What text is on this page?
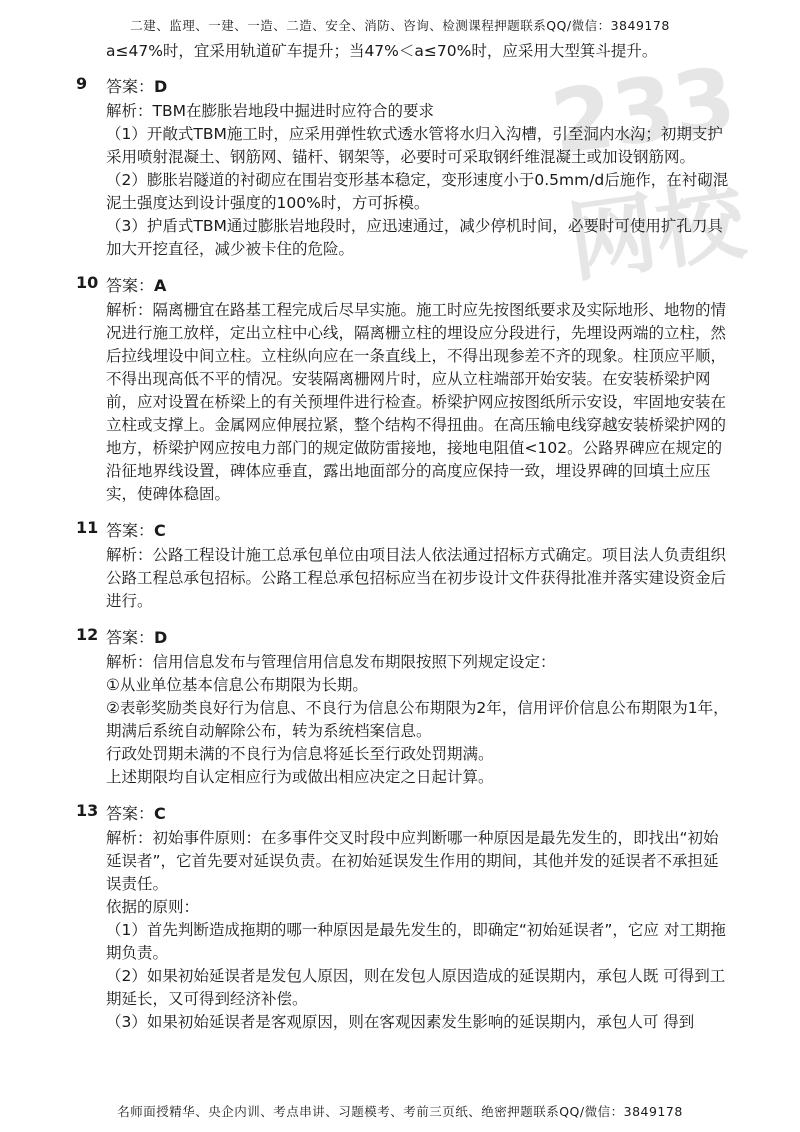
233网校
二建、监理、一建、一造、二造、安全、消防、咨询、检测课程押题联系QQ/微信：3849178
a≤47%时，宜采用轨道矿车提升；当47%＜a≤70%时，应采用大型箕斗提升。
9 答案：D

解析：TBM在膨胀岩地段中掘进时应符合的要求

（1）开敞式TBM施工时，应采用弹性软式透水管将水归入沟槽，引至洞内水沟；初期支护采用喷射混凝土、钢筋网、锚杆、钢架等，必要时可采取钢纤维混凝土或加设钢筋网。

（2）膨胀岩隧道的衬砌应在围岩变形基本稳定，变形速度小于0.5mm/d后施作，在衬砌混泥土强度达到设计强度的100%时，方可拆模。

（3）护盾式TBM通过膨胀岩地段时，应迅速通过，减少停机时间，必要时可使用扩孔刀具加大开挖直径，减少被卡住的危险。

10 答案：A

解析：隔离栅宜在路基工程完成后尽早实施。施工时应先按图纸要求及实际地形、地物的情况进行施工放样，定出立柱中心线，隔离栅立柱的埋设应分段进行，先埋设两端的立柱，然后拉线埋设中间立柱。立柱纵向应在一条直线上，不得出现参差不齐的现象。柱顶应平顺，不得出现高低不平的情况。安装隔离栅网片时，应从立柱端部开始安装。在安装桥梁护网前，应对设置在桥梁上的有关预埋件进行检查。桥梁护网应按图纸所示安设，牢固地安装在立柱或支撑上。金属网应伸展拉紧，整个结构不得扭曲。在高压输电线穿越安装桥梁护网的地方，桥梁护网应按电力部门的规定做防雷接地，接地电阻值<102。公路界碑应在规定的沿征地界线设置，碑体应垂直，露出地面部分的高度应保持一致，埋设界碑的回填土应压实，使碑体稳固。

11 答案：C

解析：公路工程设计施工总承包单位由项目法人依法通过招标方式确定。项目法人负责组织公路工程总承包招标。公路工程总承包招标应当在初步设计文件获得批准并落实建设资金后进行。

12 答案：D

解析：信用信息发布与管理信用信息发布期限按照下列规定设定：

①从业单位基本信息公布期限为长期。

②表彰奖励类良好行为信息、不良行为信息公布期限为2年，信用评价信息公布期限为1年，期满后系统自动解除公布，转为系统档案信息。

行政处罚期未满的不良行为信息将延长至行政处罚期满。

上述期限均自认定相应行为或做出相应决定之日起计算。

13 答案：C

解析：初始事件原则：在多事件交叉时段中应判断哪一种原因是最先发生的，即找出“初始延误者”，它首先要对延误负责。在初始延误发生作用的期间，其他并发的延误者不承担延误责任。

依据的原则：

（1）首先判断造成拖期的哪一种原因是最先发生的，即确定“初始延误者”，它应 对工期拖期负责。

（2）如果初始延误者是发包人原因，则在发包人原因造成的延误期内，承包人既 可得到工期延长，又可得到经济补偿。

（3）如果初始延误者是客观原因，则在客观因素发生影响的延误期内，承包人可 得到

名师面授精华、央企内训、考点串讲、习题模考、考前三页纸、绝密押题联系QQ/微信：3849178
